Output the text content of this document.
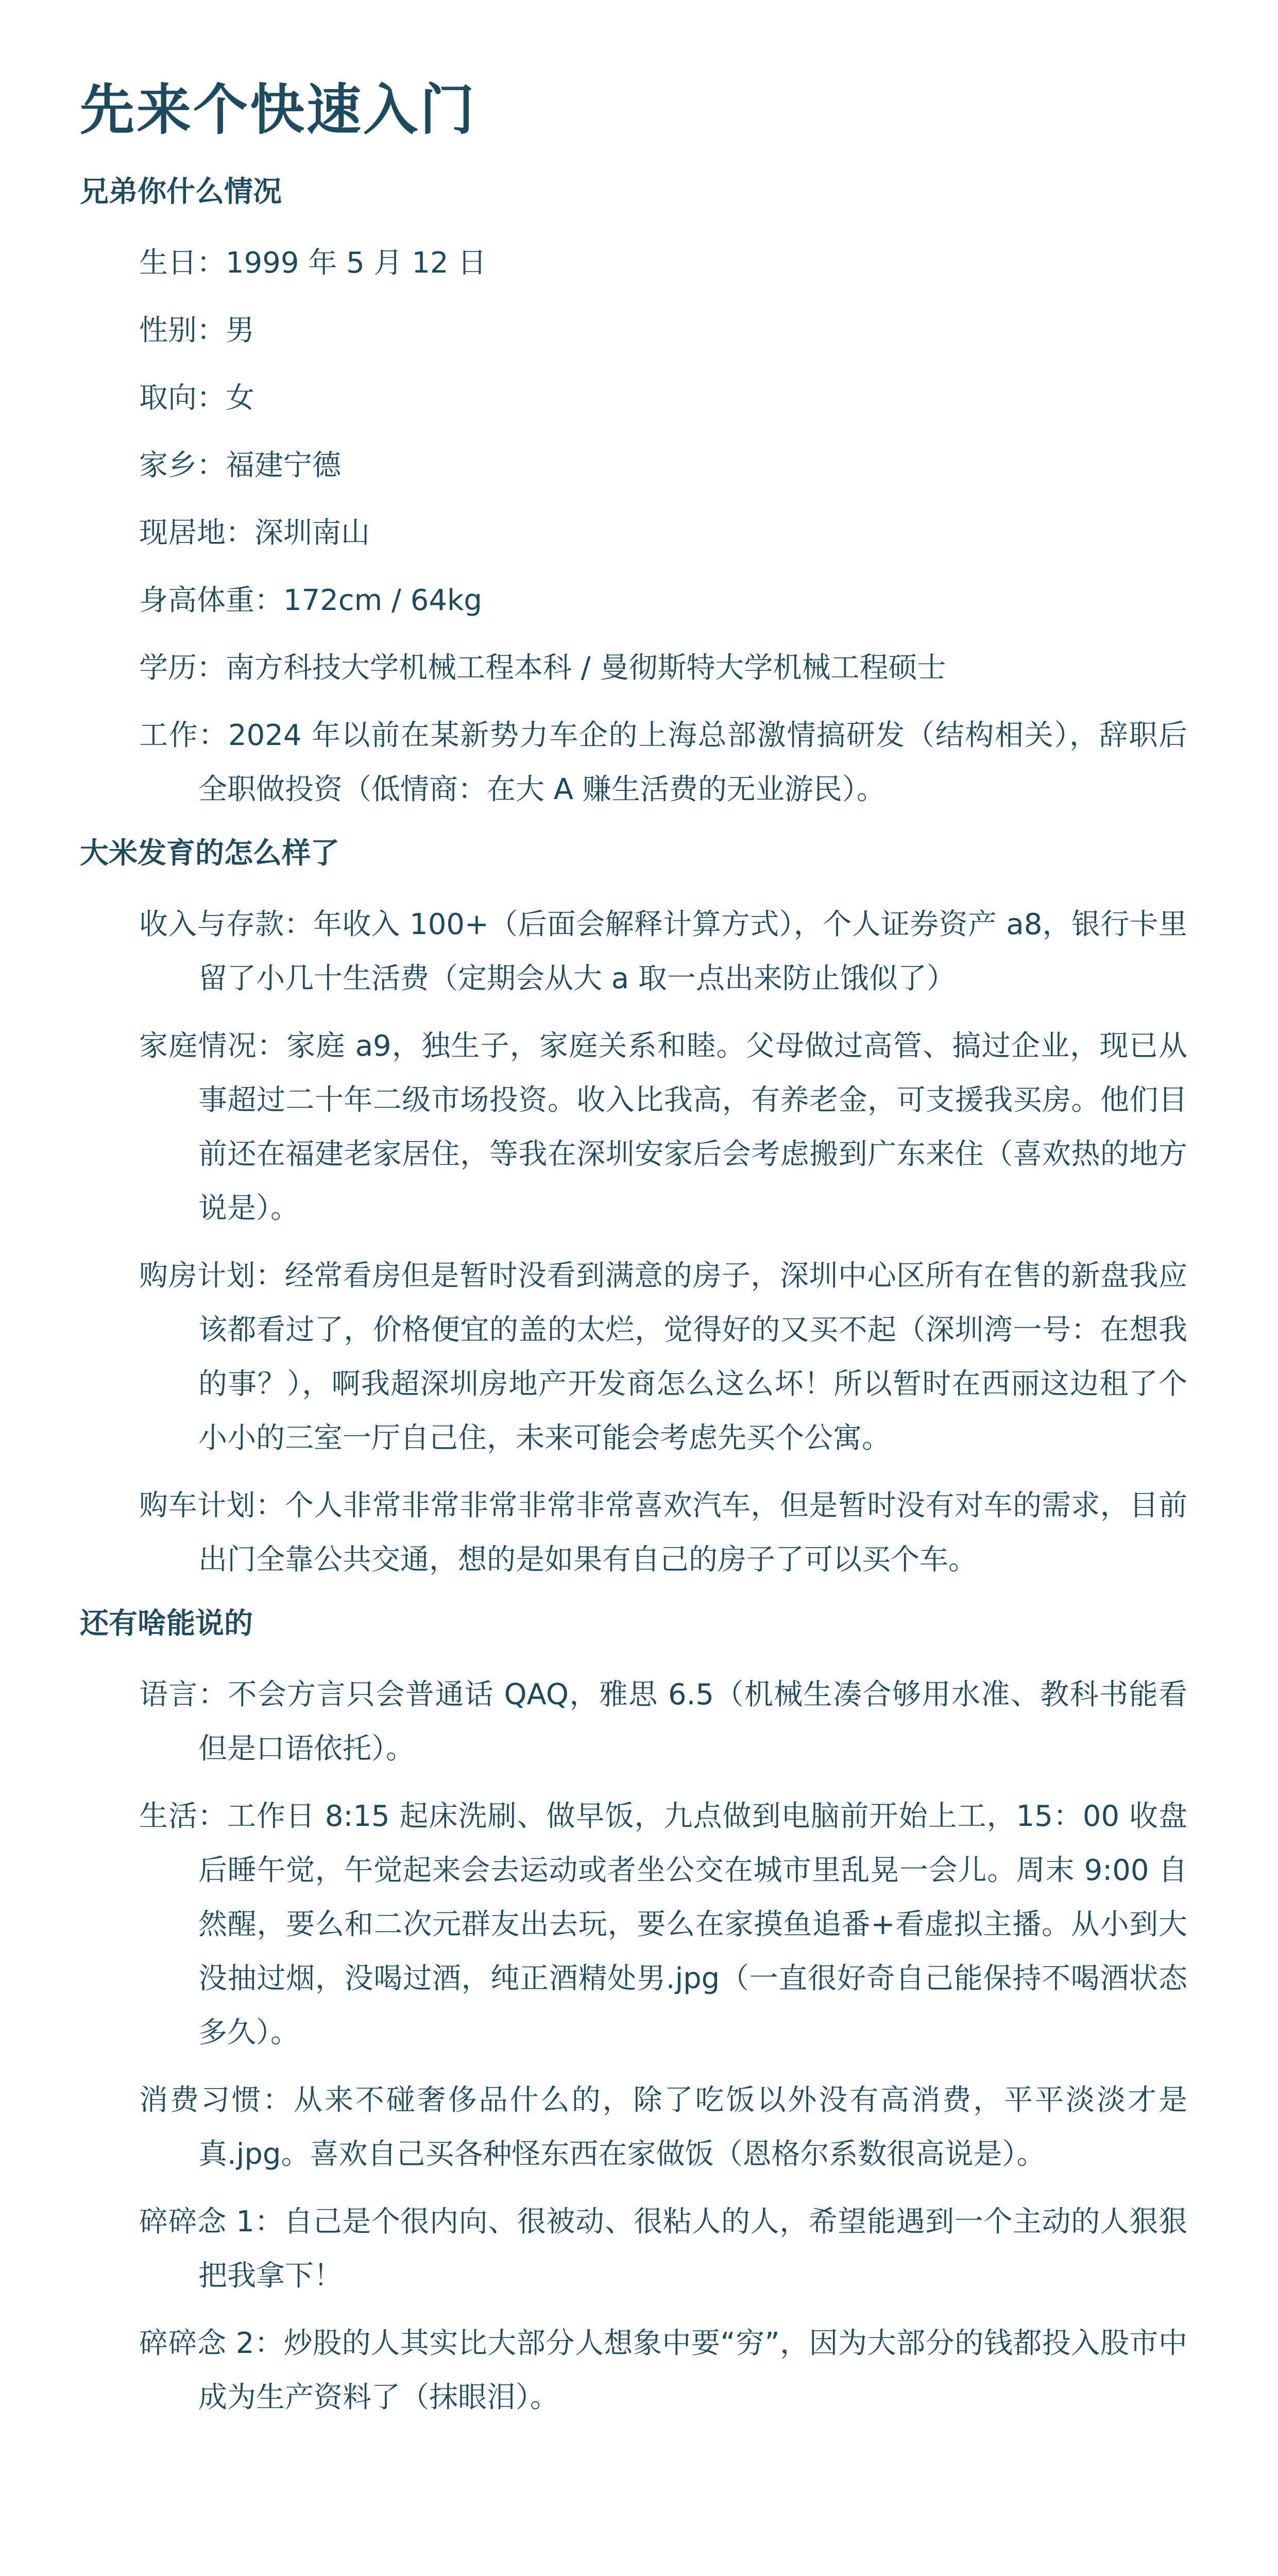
先来个快速入门
兄弟你什么情况

生日：1999 年 5 月 12 日

性别：男

取向：女

家乡：福建宁德

现居地：深圳南山

身高体重：172cm / 64kg

学历：南方科技大学机械工程本科 / 曼彻斯特大学机械工程硕士

工作：2024 年以前在某新势力车企的上海总部激情搞研发（结构相关），辞职后全职做投资（低情商：在大 A 赚生活费的无业游民）。

大米发育的怎么样了

收入与存款：年收入 100+（后面会解释计算方式），个人证券资产 a8，银行卡里留了小几十生活费（定期会从大 a 取一点出来防止饿似了）

家庭情况：家庭 a9，独生子，家庭关系和睦。父母做过高管、搞过企业，现已从事超过二十年二级市场投资。收入比我高，有养老金，可支援我买房。他们目前还在福建老家居住，等我在深圳安家后会考虑搬到广东来住（喜欢热的地方说是）。

购房计划：经常看房但是暂时没看到满意的房子，深圳中心区所有在售的新盘我应该都看过了，价格便宜的盖的太烂，觉得好的又买不起（深圳湾一号：在想我的事？），啊我超深圳房地产开发商怎么这么坏！所以暂时在西丽这边租了个小小的三室一厅自己住，未来可能会考虑先买个公寓。

购车计划：个人非常非常非常非常非常喜欢汽车，但是暂时没有对车的需求，目前出门全靠公共交通，想的是如果有自己的房子了可以买个车。

还有啥能说的

语言：不会方言只会普通话 QAQ，雅思 6.5（机械生凑合够用水准、教科书能看但是口语依托）。

生活：工作日 8:15 起床洗刷、做早饭，九点做到电脑前开始上工，15：00 收盘后睡午觉，午觉起来会去运动或者坐公交在城市里乱晃一会儿。周末 9:00 自然醒，要么和二次元群友出去玩，要么在家摸鱼追番+看虚拟主播。从小到大没抽过烟，没喝过酒，纯正酒精处男.jpg（一直很好奇自己能保持不喝酒状态多久）。

消费习惯：从来不碰奢侈品什么的，除了吃饭以外没有高消费，平平淡淡才是真.jpg。喜欢自己买各种怪东西在家做饭（恩格尔系数很高说是）。

碎碎念 1：自己是个很内向、很被动、很粘人的人，希望能遇到一个主动的人狠狠把我拿下！

碎碎念 2：炒股的人其实比大部分人想象中要“穷”，因为大部分的钱都投入股市中成为生产资料了（抹眼泪）。
